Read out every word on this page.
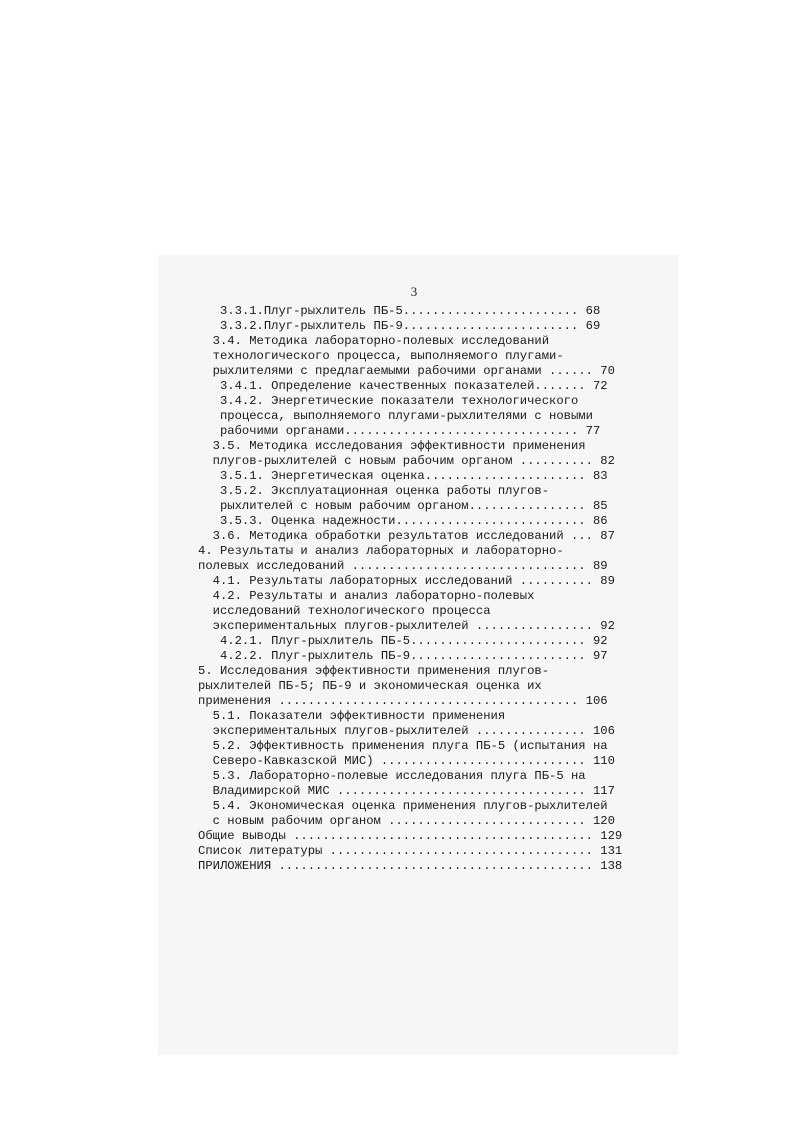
3
3.3.1.Плуг-рыхлитель ПБ-5........................ 68
3.3.2.Плуг-рыхлитель ПБ-9........................ 69
3.4. Методика лабораторно-полевых исследований
технологического процесса, выполняемого плугами-
рыхлителями с предлагаемыми рабочими органами ...... 70
3.4.1. Определение качественных показателей....... 72
3.4.2. Энергетические показатели технологического
процесса, выполняемого плугами-рыхлителями с новыми
рабочими органами................................ 77
3.5. Методика исследования эффективности применения
плугов-рыхлителей с новым рабочим органом .......... 82
3.5.1. Энергетическая оценка...................... 83
3.5.2. Эксплуатационная оценка работы плугов-
рыхлителей с новым рабочим органом................ 85
3.5.3. Оценка надежности.......................... 86
3.6. Методика обработки результатов исследований ... 87
4. Результаты и анализ лабораторных и лабораторно-
полевых исследований ................................ 89
4.1. Результаты лабораторных исследований .......... 89
4.2. Результаты и анализ лабораторно-полевых
исследований технологического процесса
экспериментальных плугов-рыхлителей ................ 92
4.2.1. Плуг-рыхлитель ПБ-5........................ 92
4.2.2. Плуг-рыхлитель ПБ-9........................ 97
5. Исследования эффективности применения плугов-
рыхлителей ПБ-5; ПБ-9 и экономическая оценка их
применения ......................................... 106
5.1. Показатели эффективности применения
экспериментальных плугов-рыхлителей ............... 106
5.2. Эффективность применения плуга ПБ-5 (испытания на
Северо-Кавказской МИС) ............................ 110
5.3. Лабораторно-полевые исследования плуга ПБ-5 на
Владимирской МИС .................................. 117
5.4. Экономическая оценка применения плугов-рыхлителей
с новым рабочим органом ........................... 120
Общие выводы ......................................... 129
Список литературы .................................... 131
ПРИЛОЖЕНИЯ ........................................... 138
